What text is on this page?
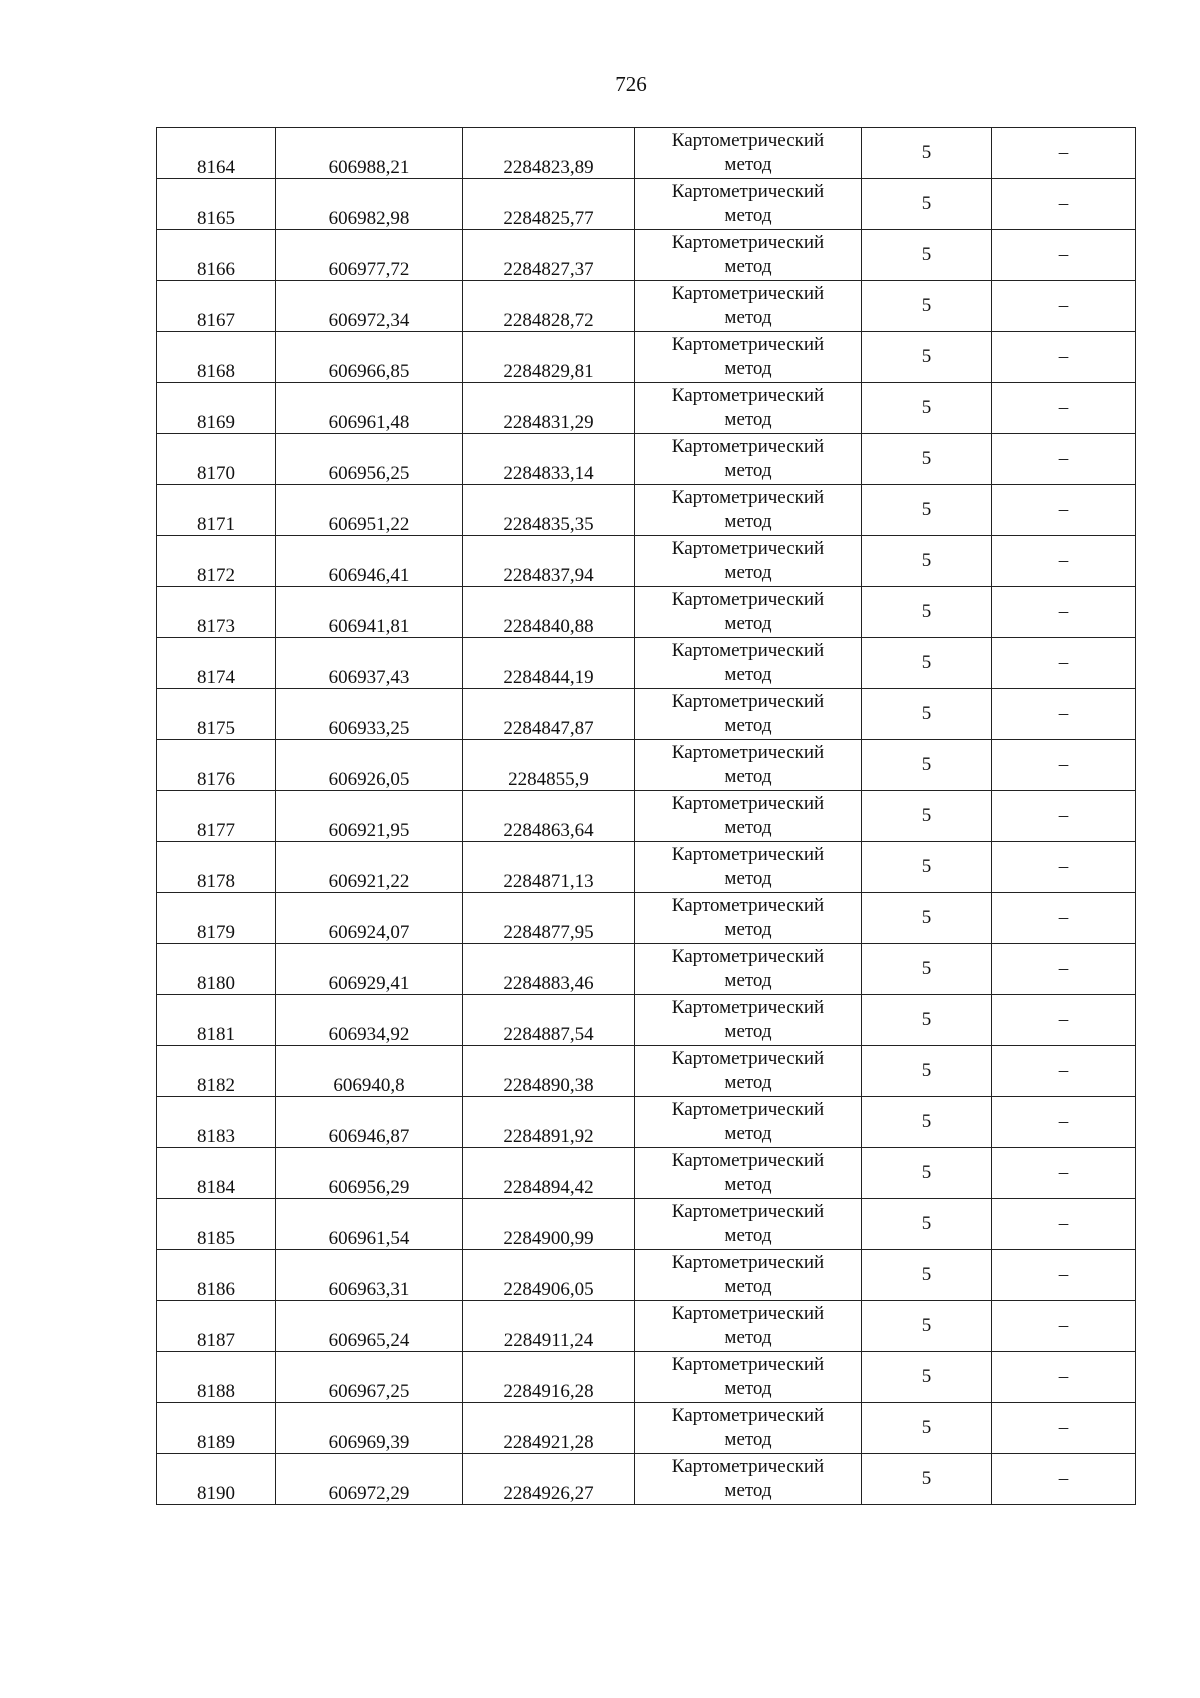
726
8164	606988,21	2284823,89	Картометрический
метод	5	–
8165	606982,98	2284825,77	Картометрический
метод	5	–
8166	606977,72	2284827,37	Картометрический
метод	5	–
8167	606972,34	2284828,72	Картометрический
метод	5	–
8168	606966,85	2284829,81	Картометрический
метод	5	–
8169	606961,48	2284831,29	Картометрический
метод	5	–
8170	606956,25	2284833,14	Картометрический
метод	5	–
8171	606951,22	2284835,35	Картометрический
метод	5	–
8172	606946,41	2284837,94	Картометрический
метод	5	–
8173	606941,81	2284840,88	Картометрический
метод	5	–
8174	606937,43	2284844,19	Картометрический
метод	5	–
8175	606933,25	2284847,87	Картометрический
метод	5	–
8176	606926,05	2284855,9	Картометрический
метод	5	–
8177	606921,95	2284863,64	Картометрический
метод	5	–
8178	606921,22	2284871,13	Картометрический
метод	5	–
8179	606924,07	2284877,95	Картометрический
метод	5	–
8180	606929,41	2284883,46	Картометрический
метод	5	–
8181	606934,92	2284887,54	Картометрический
метод	5	–
8182	606940,8	2284890,38	Картометрический
метод	5	–
8183	606946,87	2284891,92	Картометрический
метод	5	–
8184	606956,29	2284894,42	Картометрический
метод	5	–
8185	606961,54	2284900,99	Картометрический
метод	5	–
8186	606963,31	2284906,05	Картометрический
метод	5	–
8187	606965,24	2284911,24	Картометрический
метод	5	–
8188	606967,25	2284916,28	Картометрический
метод	5	–
8189	606969,39	2284921,28	Картометрический
метод	5	–
8190	606972,29	2284926,27	Картометрический
метод	5	–
